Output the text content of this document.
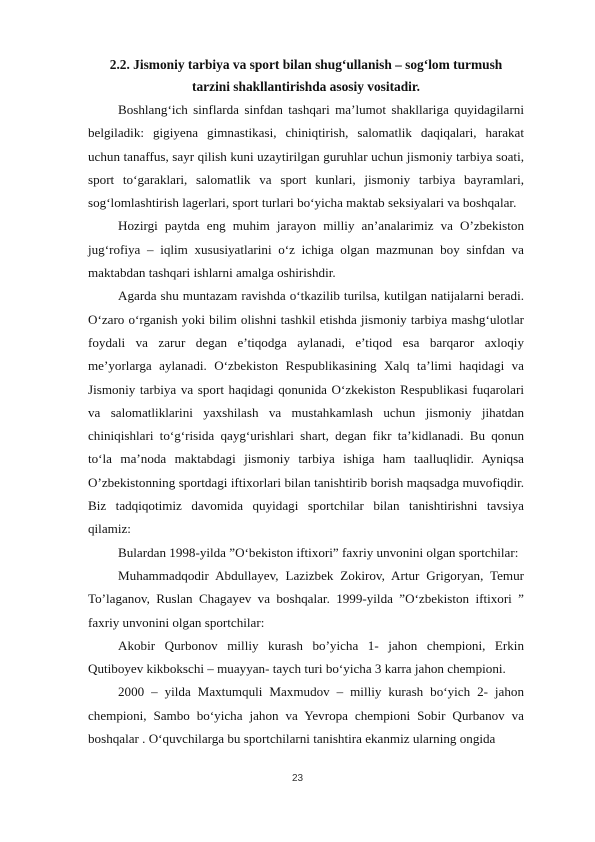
2.2. Jismoniy tarbiya va sport bilan shug‘ullanish – sog‘lom turmush
tarzini shakllantirishda asosiy vositadir.

Boshlang‘ich sinflarda sinfdan tashqari ma’lumot shakllariga quyidagilarni belgiladik: gigiyena gimnastikasi, chiniqtirish, salomatlik daqiqalari, harakat uchun tanaffus, sayr qilish kuni uzaytirilgan guruhlar uchun jismoniy tarbiya soati, sport to‘garaklari, salomatlik va sport kunlari, jismoniy tarbiya bayramlari, sog‘lomlashtirish lagerlari, sport turlari bo‘yicha maktab seksiyalari va boshqalar.

Hozirgi paytda eng muhim jarayon milliy an’analarimiz va O’zbekiston jug‘rofiya – iqlim xususiyatlarini o‘z ichiga olgan mazmunan boy sinfdan va maktabdan tashqari ishlarni amalga oshirishdir.

Agarda shu muntazam ravishda o‘tkazilib turilsa, kutilgan natijalarni beradi. O‘zaro o‘rganish yoki bilim olishni tashkil etishda jismoniy tarbiya mashg‘ulotlar foydali va zarur degan e’tiqodga aylanadi, e’tiqod esa barqaror axloqiy me’yorlarga aylanadi. O‘zbekiston Respublikasining Xalq ta’limi haqidagi va Jismoniy tarbiya va sport haqidagi qonunida O‘zkekiston Respublikasi fuqarolari va salomatliklarini yaxshilash va mustahkamlash uchun jismoniy jihatdan chiniqishlari to‘g‘risida qayg‘urishlari shart, degan fikr ta’kidlanadi. Bu qonun to‘la ma’noda maktabdagi jismoniy tarbiya ishiga ham taalluqlidir. Ayniqsa O’zbekistonning sportdagi iftixorlari bilan tanishtirib borish maqsadga muvofiqdir. Biz tadqiqotimiz davomida quyidagi sportchilar bilan tanishtirishni tavsiya qilamiz:

Bulardan 1998-yilda ”O‘bekiston iftixori” faxriy unvonini olgan sportchilar:

Muhammadqodir Abdullayev, Lazizbek Zokirov, Artur Grigoryan, Temur To’laganov, Ruslan Chagayev va boshqalar. 1999-yilda ”O‘zbekiston iftixori ” faxriy unvonini olgan sportchilar:

Akobir Qurbonov milliy kurash bo’yicha 1- jahon chempioni, Erkin Qutiboyev kikbokschi – muayyan- taych turi bo‘yicha 3 karra jahon chempioni.

2000 – yilda Maxtumquli Maxmudov – milliy kurash bo‘yich 2- jahon chempioni, Sambo bo‘yicha jahon va Yevropa chempioni Sobir Qurbanov va boshqalar . O‘quvchilarga bu sportchilarni tanishtira ekanmiz ularning ongida

23
